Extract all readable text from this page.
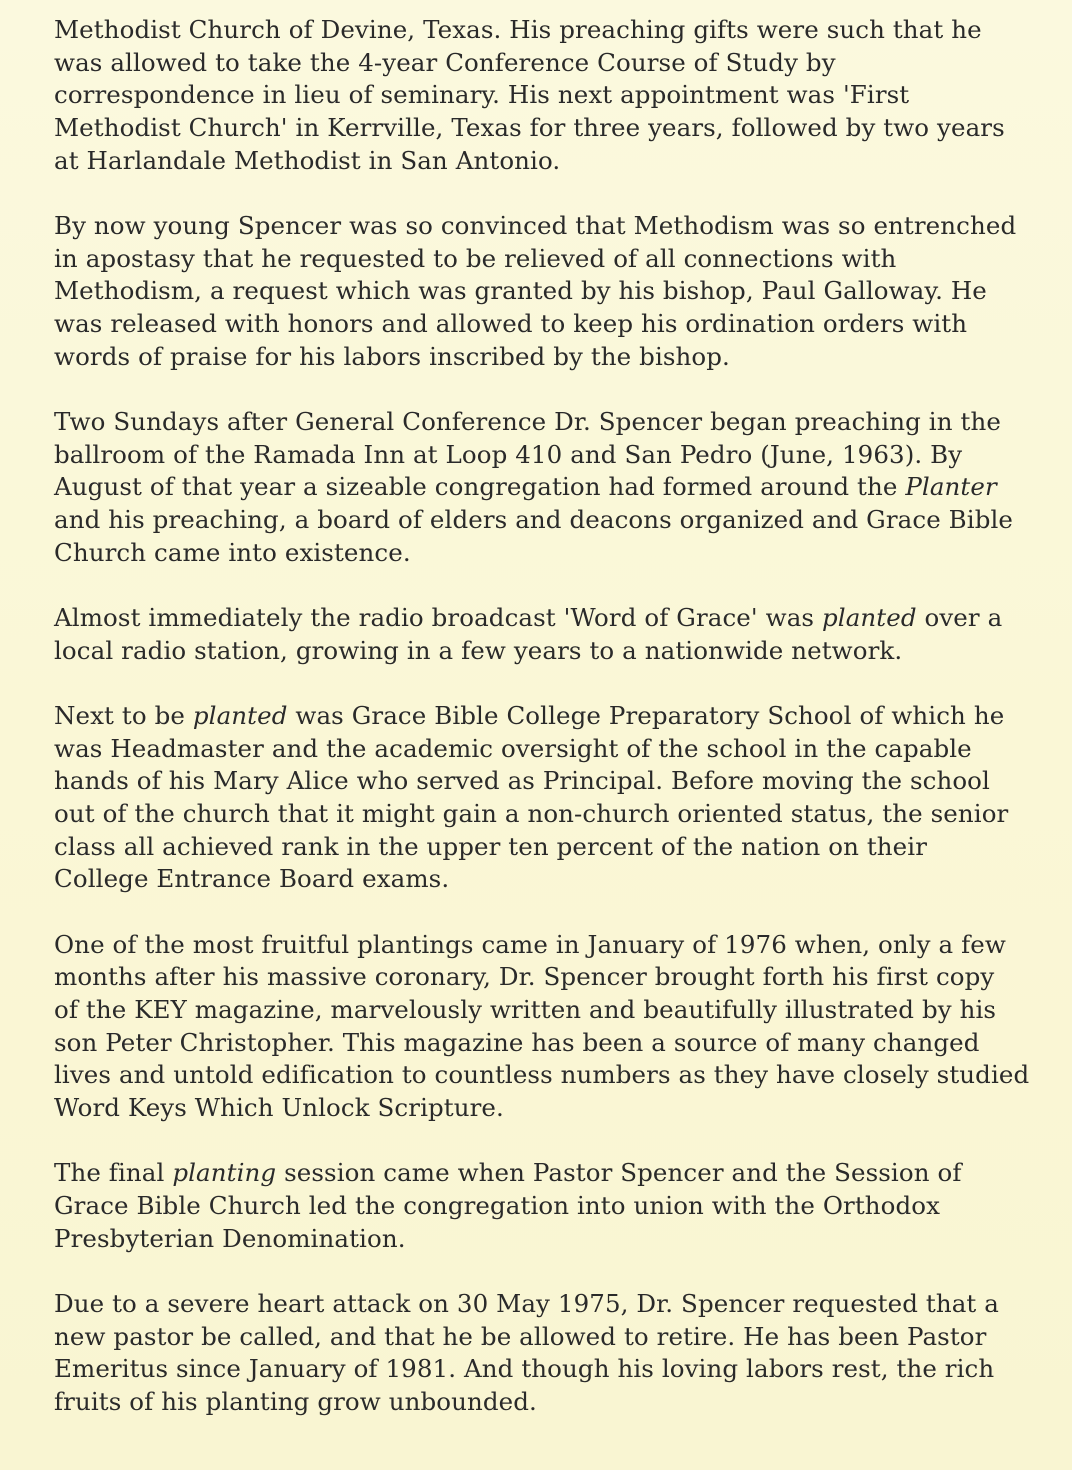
Methodist Church of Devine, Texas. His preaching gifts were such that he
was allowed to take the 4-year Conference Course of Study by
correspondence in lieu of seminary. His next appointment was 'First
Methodist Church' in Kerrville, Texas for three years, followed by two years
at Harlandale Methodist in San Antonio.
By now young Spencer was so convinced that Methodism was so entrenched
in apostasy that he requested to be relieved of all connections with
Methodism, a request which was granted by his bishop, Paul Galloway. He
was released with honors and allowed to keep his ordination orders with
words of praise for his labors inscribed by the bishop.
Two Sundays after General Conference Dr. Spencer began preaching in the
ballroom of the Ramada Inn at Loop 410 and San Pedro (June, 1963). By
August of that year a sizeable congregation had formed around the Planter
and his preaching, a board of elders and deacons organized and Grace Bible
Church came into existence.
Almost immediately the radio broadcast 'Word of Grace' was planted over a
local radio station, growing in a few years to a nationwide network.
Next to be planted was Grace Bible College Preparatory School of which he
was Headmaster and the academic oversight of the school in the capable
hands of his Mary Alice who served as Principal. Before moving the school
out of the church that it might gain a non-church oriented status, the senior
class all achieved rank in the upper ten percent of the nation on their
College Entrance Board exams.
One of the most fruitful plantings came in January of 1976 when, only a few
months after his massive coronary, Dr. Spencer brought forth his first copy
of the KEY magazine, marvelously written and beautifully illustrated by his
son Peter Christopher. This magazine has been a source of many changed
lives and untold edification to countless numbers as they have closely studied
Word Keys Which Unlock Scripture.
The final planting session came when Pastor Spencer and the Session of
Grace Bible Church led the congregation into union with the Orthodox
Presbyterian Denomination.
Due to a severe heart attack on 30 May 1975, Dr. Spencer requested that a
new pastor be called, and that he be allowed to retire. He has been Pastor
Emeritus since January of 1981. And though his loving labors rest, the rich
fruits of his planting grow unbounded.
